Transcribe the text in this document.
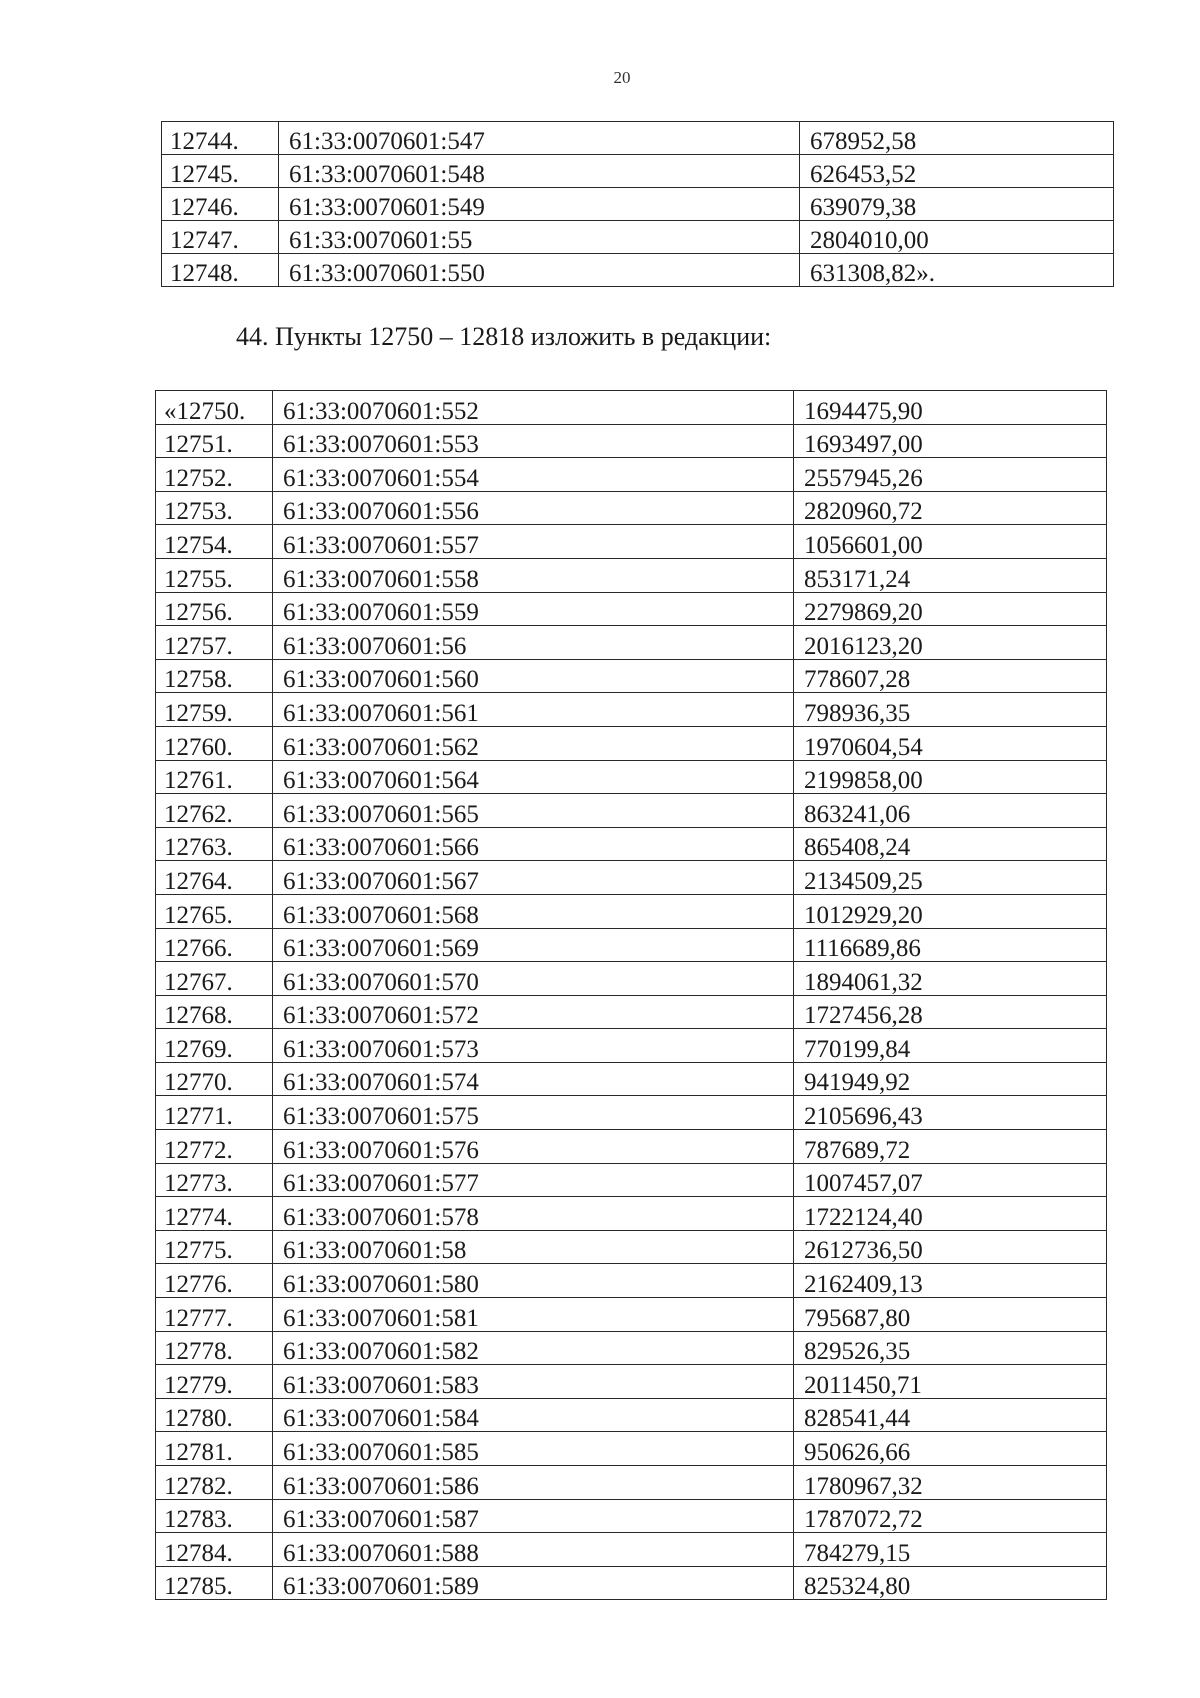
20
12744.	61:33:0070601:547	678952,58
12745.	61:33:0070601:548	626453,52
12746.	61:33:0070601:549	639079,38
12747.	61:33:0070601:55	2804010,00
12748.	61:33:0070601:550	631308,82».
44. Пункты 12750 – 12818 изложить в редакции:
«12750.	61:33:0070601:552	1694475,90
12751.	61:33:0070601:553	1693497,00
12752.	61:33:0070601:554	2557945,26
12753.	61:33:0070601:556	2820960,72
12754.	61:33:0070601:557	1056601,00
12755.	61:33:0070601:558	853171,24
12756.	61:33:0070601:559	2279869,20
12757.	61:33:0070601:56	2016123,20
12758.	61:33:0070601:560	778607,28
12759.	61:33:0070601:561	798936,35
12760.	61:33:0070601:562	1970604,54
12761.	61:33:0070601:564	2199858,00
12762.	61:33:0070601:565	863241,06
12763.	61:33:0070601:566	865408,24
12764.	61:33:0070601:567	2134509,25
12765.	61:33:0070601:568	1012929,20
12766.	61:33:0070601:569	1116689,86
12767.	61:33:0070601:570	1894061,32
12768.	61:33:0070601:572	1727456,28
12769.	61:33:0070601:573	770199,84
12770.	61:33:0070601:574	941949,92
12771.	61:33:0070601:575	2105696,43
12772.	61:33:0070601:576	787689,72
12773.	61:33:0070601:577	1007457,07
12774.	61:33:0070601:578	1722124,40
12775.	61:33:0070601:58	2612736,50
12776.	61:33:0070601:580	2162409,13
12777.	61:33:0070601:581	795687,80
12778.	61:33:0070601:582	829526,35
12779.	61:33:0070601:583	2011450,71
12780.	61:33:0070601:584	828541,44
12781.	61:33:0070601:585	950626,66
12782.	61:33:0070601:586	1780967,32
12783.	61:33:0070601:587	1787072,72
12784.	61:33:0070601:588	784279,15
12785.	61:33:0070601:589	825324,80
